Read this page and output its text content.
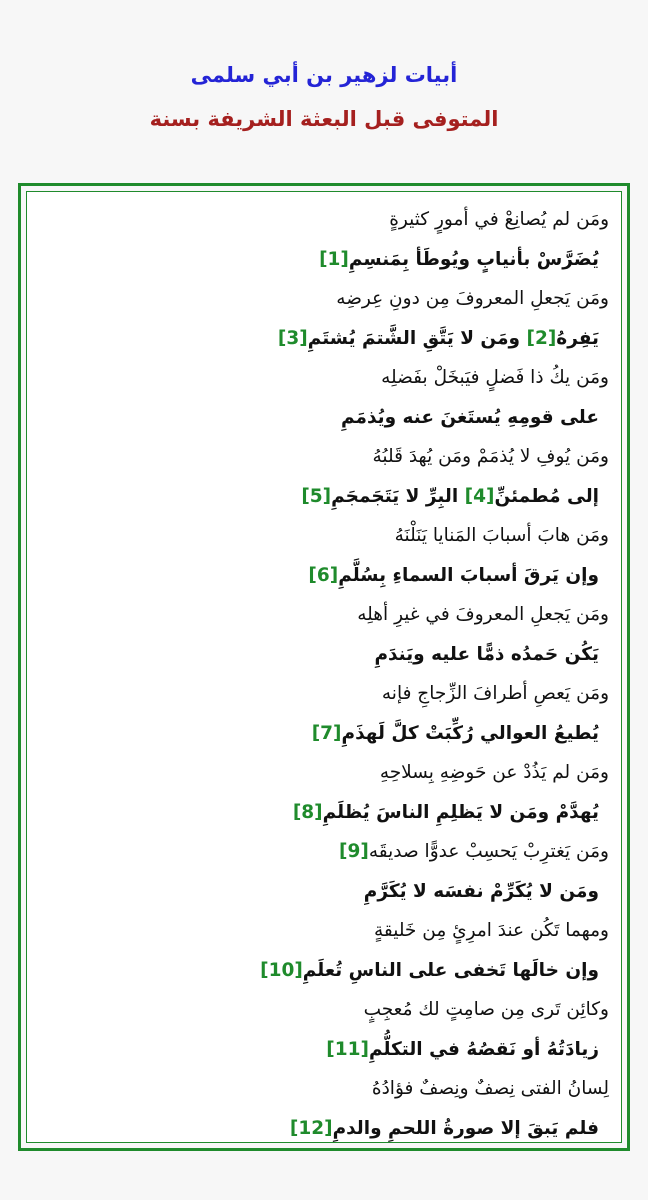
أبيات لزهير بن أبي سلمى
المتوفى قبل البعثة الشريفة بسنة
ومَن لم يُصانِعْ في أمورٍ كثيرةٍ
يُضَرَّسْ بأنيابٍ ويُوطَأ بِمَنسِمِ[1]
ومَن يَجعلِ المعروفَ مِن دونِ عِرضِه
يَفِرهُ[2] ومَن لا يَتَّقِ الشَّتمَ يُشتَمِ[3]
ومَن يكُ ذا فَضلٍ فيَبخَلْ بفَضلِه
على قومِهِ يُستَغنَ عنه ويُذمَمِ
ومَن يُوفِ لا يُذمَمْ ومَن يُهدَ قَلبُهُ
إلى مُطمئنِّ[4] البِرِّ لا يَتَجَمجَمِ[5]
ومَن هابَ أسبابَ المَنايا يَنَلْنَهُ
وإن يَرقَ أسبابَ السماءِ بِسُلَّمِ[6]
ومَن يَجعلِ المعروفَ في غيرِ أهلِه
يَكُن حَمدُه ذمًّا عليه ويَندَمِ
ومَن يَعصِ أطرافَ الزِّجاجِ فإنه
يُطيعُ العوالي رُكِّبَتْ كلَّ لَهذَمِ[7]
ومَن لم يَذُدْ عن حَوضِهِ بِسلاحِهِ
يُهدَّمْ ومَن لا يَظلِمِ الناسَ يُظلَمِ[8]
ومَن يَغترِبْ يَحسِبْ عدوًّا صديقَه[9]
ومَن لا يُكَرِّمْ نفسَه لا يُكَرَّمِ
ومهما تَكُن عندَ امرِئٍ مِن خَليقةٍ
وإن خالَها تَخفى على الناسِ تُعلَمِ[10]
وكائِن تَرى مِن صامِتٍ لك مُعجِبٍ
زيادَتُهُ أو نَقصُهُ في التكلُّمِ[11]
لِسانُ الفتى نِصفٌ ونِصفٌ فؤادُهُ
فلم يَبقَ إلا صورةُ اللحمِ والدمِ[12]
